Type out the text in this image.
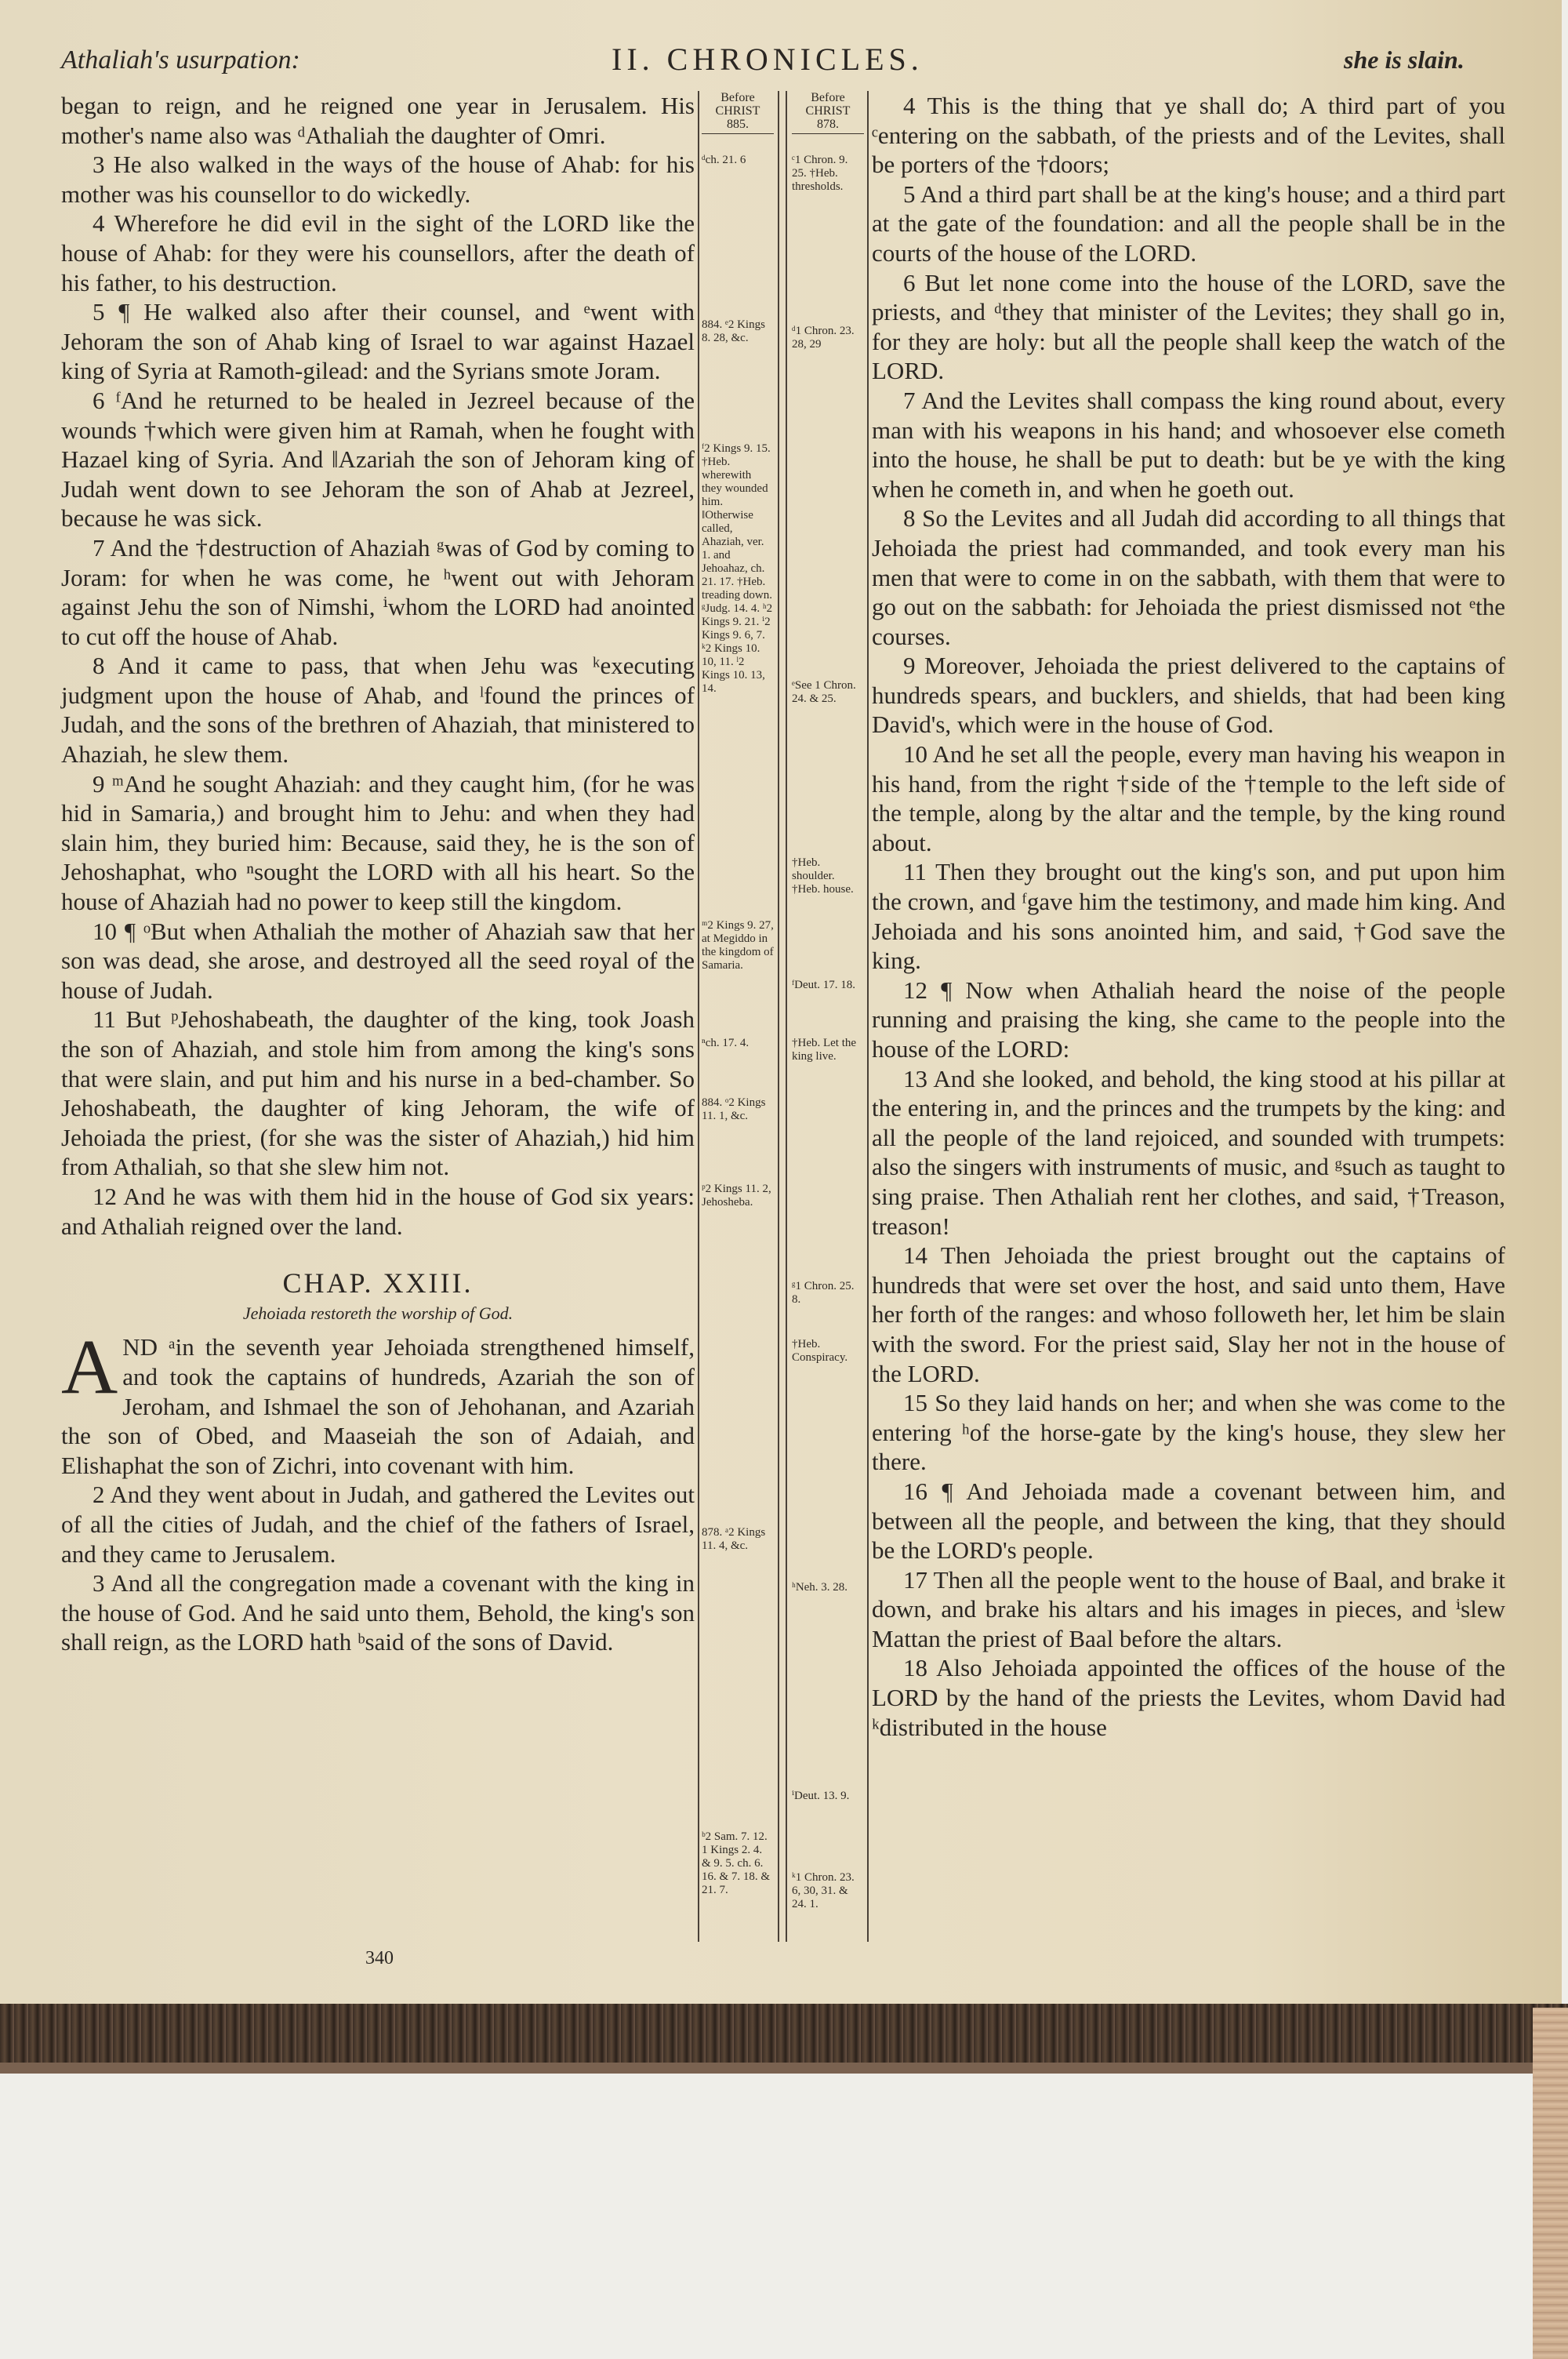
Athaliah's usurpation:	II. CHRONICLES.	she is slain.

began to reign, and he reigned one year in Jerusalem. His mother's name also was ᵈAthaliah the daughter of Omri.

3 He also walked in the ways of the house of Ahab: for his mother was his counsellor to do wickedly.

4 Wherefore he did evil in the sight of the LORD like the house of Ahab: for they were his counsellors, after the death of his father, to his destruction.

5 ¶ He walked also after their counsel, and ᵉwent with Jehoram the son of Ahab king of Israel to war against Hazael king of Syria at Ramoth-gilead: and the Syrians smote Joram.

6 ᶠAnd he returned to be healed in Jezreel because of the wounds †which were given him at Ramah, when he fought with Hazael king of Syria. And ‖Azariah the son of Jehoram king of Judah went down to see Jehoram the son of Ahab at Jezreel, because he was sick.

7 And the †destruction of Ahaziah ᵍwas of God by coming to Joram: for when he was come, he ʰwent out with Jehoram against Jehu the son of Nimshi, ⁱwhom the LORD had anointed to cut off the house of Ahab.

8 And it came to pass, that when Jehu was ᵏexecuting judgment upon the house of Ahab, and ˡfound the princes of Judah, and the sons of the brethren of Ahaziah, that ministered to Ahaziah, he slew them.

9 ᵐAnd he sought Ahaziah: and they caught him, (for he was hid in Samaria,) and brought him to Jehu: and when they had slain him, they buried him: Because, said they, he is the son of Jehoshaphat, who ⁿsought the LORD with all his heart. So the house of Ahaziah had no power to keep still the kingdom.

10 ¶ ᵒBut when Athaliah the mother of Ahaziah saw that her son was dead, she arose, and destroyed all the seed royal of the house of Judah.

11 But ᵖJehoshabeath, the daughter of the king, took Joash the son of Ahaziah, and stole him from among the king's sons that were slain, and put him and his nurse in a bed-chamber. So Jehoshabeath, the daughter of king Jehoram, the wife of Jehoiada the priest, (for she was the sister of Ahaziah,) hid him from Athaliah, so that she slew him not.

12 And he was with them hid in the house of God six years: and Athaliah reigned over the land.

CHAP. XXIII.
Jehoiada restoreth the worship of God.

AND ᵃin the seventh year Jehoiada strengthened himself, and took the captains of hundreds, Azariah the son of Jeroham, and Ishmael the son of Jehohanan, and Azariah the son of Obed, and Maaseiah the son of Adaiah, and Elishaphat the son of Zichri, into covenant with him.

2 And they went about in Judah, and gathered the Levites out of all the cities of Judah, and the chief of the fathers of Israel, and they came to Jerusalem.

3 And all the congregation made a covenant with the king in the house of God. And he said unto them, Behold, the king's son shall reign, as the LORD hath ᵇsaid of the sons of David.

Before
CHRIST
885.
ᵈch. 21. 6
884. ᵉ2 Kings 8. 28, &c.
ᶠ2 Kings 9. 15. †Heb. wherewith they wounded him. ‖Otherwise called, Ahaziah, ver. 1. and Jehoahaz, ch. 21. 17. †Heb. treading down. ᵍJudg. 14. 4. ʰ2 Kings 9. 21. ⁱ2 Kings 9. 6, 7. ᵏ2 Kings 10. 10, 11. ˡ2 Kings 10. 13, 14.
ᵐ2 Kings 9. 27, at Megiddo in the kingdom of Samaria.
ⁿch. 17. 4.
884. ᵒ2 Kings 11. 1, &c.
ᵖ2 Kings 11. 2, Jehosheba.
878. ᵃ2 Kings 11. 4, &c.
ᵇ2 Sam. 7. 12. 1 Kings 2. 4. & 9. 5. ch. 6. 16. & 7. 18. & 21. 7.
Before
CHRIST
878.
ᶜ1 Chron. 9. 25. †Heb. thresholds.
ᵈ1 Chron. 23. 28, 29
ᵉSee 1 Chron. 24. & 25.
†Heb. shoulder. †Heb. house.
ᶠDeut. 17. 18.
†Heb. Let the king live.
ᵍ1 Chron. 25. 8.
†Heb. Conspiracy.
ʰNeh. 3. 28.
ⁱDeut. 13. 9.
ᵏ1 Chron. 23. 6, 30, 31. & 24. 1.

4 This is the thing that ye shall do; A third part of you ᶜentering on the sabbath, of the priests and of the Levites, shall be porters of the †doors;

5 And a third part shall be at the king's house; and a third part at the gate of the foundation: and all the people shall be in the courts of the house of the LORD.

6 But let none come into the house of the LORD, save the priests, and ᵈthey that minister of the Levites; they shall go in, for they are holy: but all the people shall keep the watch of the LORD.

7 And the Levites shall compass the king round about, every man with his weapons in his hand; and whosoever else cometh into the house, he shall be put to death: but be ye with the king when he cometh in, and when he goeth out.

8 So the Levites and all Judah did according to all things that Jehoiada the priest had commanded, and took every man his men that were to come in on the sabbath, with them that were to go out on the sabbath: for Jehoiada the priest dismissed not ᵉthe courses.

9 Moreover, Jehoiada the priest delivered to the captains of hundreds spears, and bucklers, and shields, that had been king David's, which were in the house of God.

10 And he set all the people, every man having his weapon in his hand, from the right †side of the †temple to the left side of the temple, along by the altar and the temple, by the king round about.

11 Then they brought out the king's son, and put upon him the crown, and ᶠgave him the testimony, and made him king. And Jehoiada and his sons anointed him, and said, †God save the king.

12 ¶ Now when Athaliah heard the noise of the people running and praising the king, she came to the people into the house of the LORD:

13 And she looked, and behold, the king stood at his pillar at the entering in, and the princes and the trumpets by the king: and all the people of the land rejoiced, and sounded with trumpets: also the singers with instruments of music, and ᵍsuch as taught to sing praise. Then Athaliah rent her clothes, and said, †Treason, treason!

14 Then Jehoiada the priest brought out the captains of hundreds that were set over the host, and said unto them, Have her forth of the ranges: and whoso followeth her, let him be slain with the sword. For the priest said, Slay her not in the house of the LORD.

15 So they laid hands on her; and when she was come to the entering ʰof the horse-gate by the king's house, they slew her there.

16 ¶ And Jehoiada made a covenant between him, and between all the people, and between the king, that they should be the LORD's people.

17 Then all the people went to the house of Baal, and brake it down, and brake his altars and his images in pieces, and ⁱslew Mattan the priest of Baal before the altars.

18 Also Jehoiada appointed the offices of the house of the LORD by the hand of the priests the Levites, whom David had ᵏdistributed in the house

340
